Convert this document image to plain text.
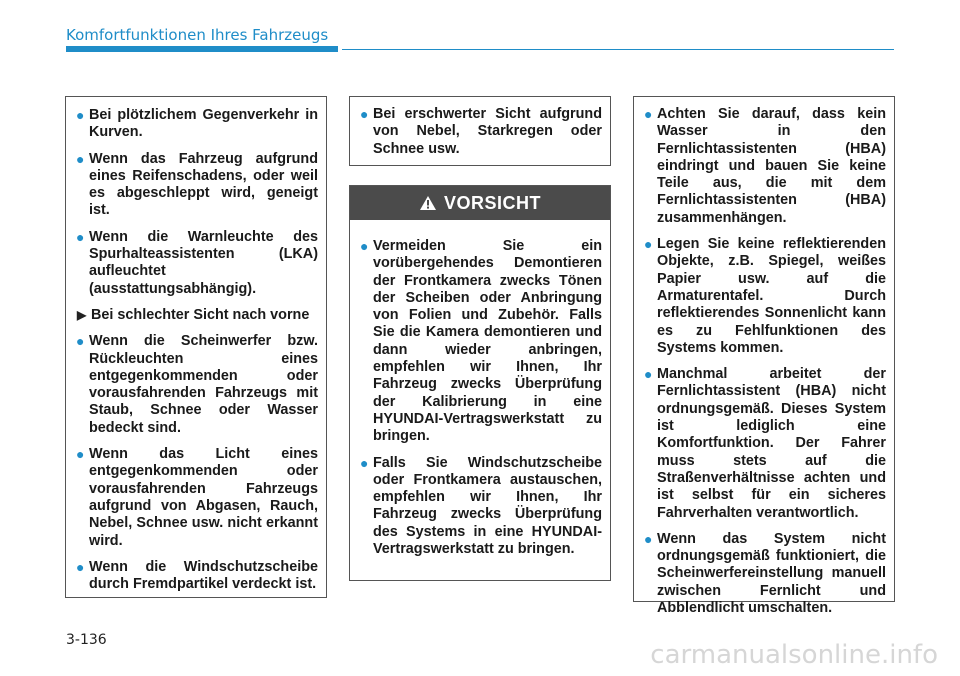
Komfortfunktionen Ihres Fahrzeugs
● Bei plötzlichem Gegenverkehr in Kurven.
● Wenn das Fahrzeug aufgrund eines Reifenschadens, oder weil es abgeschleppt wird, geneigt ist.
● Wenn die Warnleuchte des Spurhalteassistenten (LKA) aufleuchtet (ausstattungsabhängig).
▶ Bei schlechter Sicht nach vorne
● Wenn die Scheinwerfer bzw. Rückleuchten eines entgegenkommenden oder vorausfahrenden Fahrzeugs mit Staub, Schnee oder Wasser bedeckt sind.
● Wenn das Licht eines entgegenkommenden oder vorausfahrenden Fahrzeugs aufgrund von Abgasen, Rauch, Nebel, Schnee usw. nicht erkannt wird.
● Wenn die Windschutzscheibe durch Fremdpartikel verdeckt ist.
● Bei erschwerter Sicht aufgrund von Nebel, Starkregen oder Schnee usw.
VORSICHT
● Vermeiden Sie ein vorübergehendes Demontieren der Frontkamera zwecks Tönen der Scheiben oder Anbringung von Folien und Zubehör. Falls Sie die Kamera demontieren und dann wieder anbringen, empfehlen wir Ihnen, Ihr Fahrzeug zwecks Überprüfung der Kalibrierung in eine HYUNDAI-Vertragswerkstatt zu bringen.
● Falls Sie Windschutzscheibe oder Frontkamera austauschen, empfehlen wir Ihnen, Ihr Fahrzeug zwecks Überprüfung des Systems in eine HYUNDAI-Vertragswerkstatt zu bringen.
● Achten Sie darauf, dass kein Wasser in den Fernlichtassistenten (HBA) eindringt und bauen Sie keine Teile aus, die mit dem Fernlichtassistenten (HBA) zusammenhängen.
● Legen Sie keine reflektierenden Objekte, z.B. Spiegel, weißes Papier usw. auf die Armaturentafel. Durch reflektierendes Sonnenlicht kann es zu Fehlfunktionen des Systems kommen.
● Manchmal arbeitet der Fernlichtassistent (HBA) nicht ordnungsgemäß. Dieses System ist lediglich eine Komfortfunktion. Der Fahrer muss stets auf die Straßenverhältnisse achten und ist selbst für ein sicheres Fahrverhalten verantwortlich.
● Wenn das System nicht ordnungsgemäß funktioniert, die Scheinwerfereinstellung manuell zwischen Fernlicht und Abblendlicht umschalten.
3-136	carmanualsonline.info
